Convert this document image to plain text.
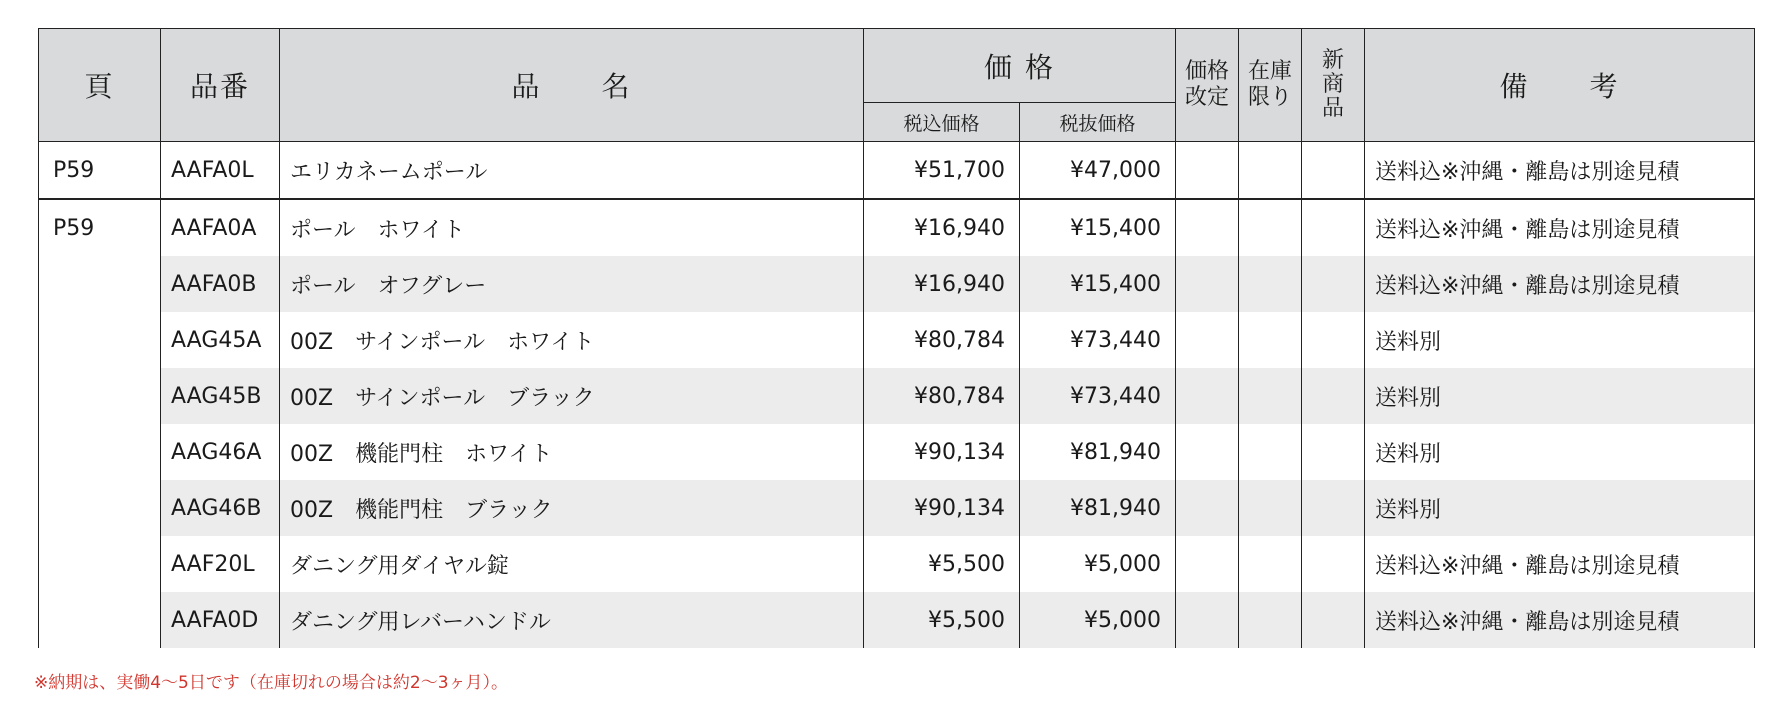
頁	品番	品　　名	価 格		価格改定	在庫限り	新商品	備　　考
			税込価格	税抜価格				
P59	AAFA0L	エリカネームポール	¥51,700	¥47,000				送料込※沖縄・離島は別途見積
P59	AAFA0A	ポール　ホワイト	¥16,940	¥15,400				送料込※沖縄・離島は別途見積
	AAFA0B	ポール　オフグレー	¥16,940	¥15,400				送料込※沖縄・離島は別途見積
	AAG45A	00Z　サインポール　ホワイト	¥80,784	¥73,440				送料別
	AAG45B	00Z　サインポール　ブラック	¥80,784	¥73,440				送料別
	AAG46A	00Z　機能門柱　ホワイト	¥90,134	¥81,940				送料別
	AAG46B	00Z　機能門柱　ブラック	¥90,134	¥81,940				送料別
	AAF20L	ダニング用ダイヤル錠	¥5,500	¥5,000				送料込※沖縄・離島は別途見積
	AAFA0D	ダニング用レバーハンドル	¥5,500	¥5,000				送料込※沖縄・離島は別途見積
※納期は、実働4～5日です（在庫切れの場合は約2～3ヶ月）。
